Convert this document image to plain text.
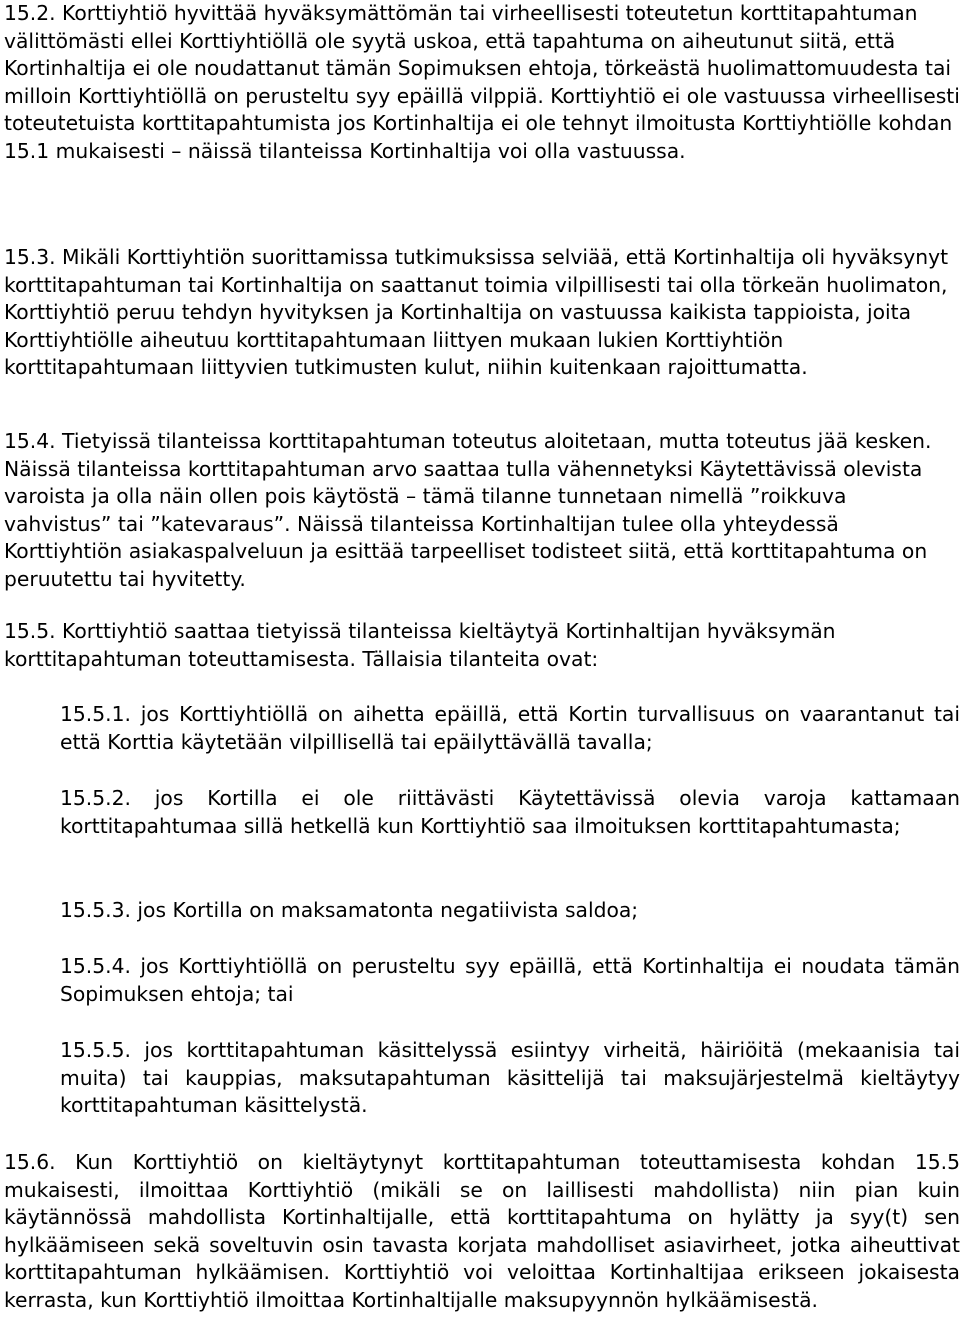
15.2. Korttiyhtiö hyvittää hyväksymättömän tai virheellisesti toteutetun korttitapahtuman välittömästi ellei Korttiyhtiöllä ole syytä uskoa, että tapahtuma on aiheutunut siitä, että Kortinhaltija ei ole noudattanut tämän Sopimuksen ehtoja, törkeästä huolimattomuudesta tai milloin Korttiyhtiöllä on perusteltu syy epäillä vilppiä. Korttiyhtiö ei ole vastuussa virheellisesti toteutetuista korttitapahtumista jos Kortinhaltija ei ole tehnyt ilmoitusta Korttiyhtiölle kohdan 15.1 mukaisesti – näissä tilanteissa Kortinhaltija voi olla vastuussa.

15.3. Mikäli Korttiyhtiön suorittamissa tutkimuksissa selviää, että Kortinhaltija oli hyväksynyt korttitapahtuman tai Kortinhaltija on saattanut toimia vilpillisesti tai olla törkeän huolimaton, Korttiyhtiö peruu tehdyn hyvityksen ja Kortinhaltija on vastuussa kaikista tappioista, joita Korttiyhtiölle aiheutuu korttitapahtumaan liittyen mukaan lukien Korttiyhtiön korttitapahtumaan liittyvien tutkimusten kulut, niihin kuitenkaan rajoittumatta.

15.4. Tietyissä tilanteissa korttitapahtuman toteutus aloitetaan, mutta toteutus jää kesken. Näissä tilanteissa korttitapahtuman arvo saattaa tulla vähennetyksi Käytettävissä olevista varoista ja olla näin ollen pois käytöstä – tämä tilanne tunnetaan nimellä ”roikkuva vahvistus” tai ”katevaraus”. Näissä tilanteissa Kortinhaltijan tulee olla yhteydessä Korttiyhtiön asiakaspalveluun ja esittää tarpeelliset todisteet siitä, että korttitapahtuma on peruutettu tai hyvitetty.

15.5. Korttiyhtiö saattaa tietyissä tilanteissa kieltäytyä Kortinhaltijan hyväksymän korttitapahtuman toteuttamisesta. Tällaisia tilanteita ovat:

15.5.1. jos Korttiyhtiöllä on aihetta epäillä, että Kortin turvallisuus on vaarantanut tai että Korttia käytetään vilpillisellä tai epäilyttävällä tavalla;

15.5.2. jos Kortilla ei ole riittävästi Käytettävissä olevia varoja kattamaan korttitapahtumaa sillä hetkellä kun Korttiyhtiö saa ilmoituksen korttitapahtumasta;

15.5.3. jos Kortilla on maksamatonta negatiivista saldoa;

15.5.4. jos Korttiyhtiöllä on perusteltu syy epäillä, että Kortinhaltija ei noudata tämän Sopimuksen ehtoja; tai

15.5.5. jos korttitapahtuman käsittelyssä esiintyy virheitä, häiriöitä (mekaanisia tai muita) tai kauppias, maksutapahtuman käsittelijä tai maksujärjestelmä kieltäytyy korttitapahtuman käsittelystä.

15.6. Kun Korttiyhtiö on kieltäytynyt korttitapahtuman toteuttamisesta kohdan 15.5 mukaisesti, ilmoittaa Korttiyhtiö (mikäli se on laillisesti mahdollista) niin pian kuin käytännössä mahdollista Kortinhaltijalle, että korttitapahtuma on hylätty ja syy(t) sen hylkäämiseen sekä soveltuvin osin tavasta korjata mahdolliset asiavirheet, jotka aiheuttivat korttitapahtuman hylkäämisen. Korttiyhtiö voi veloittaa Kortinhaltijaa erikseen jokaisesta kerrasta, kun Korttiyhtiö ilmoittaa Kortinhaltijalle maksupyynnön hylkäämisestä.
